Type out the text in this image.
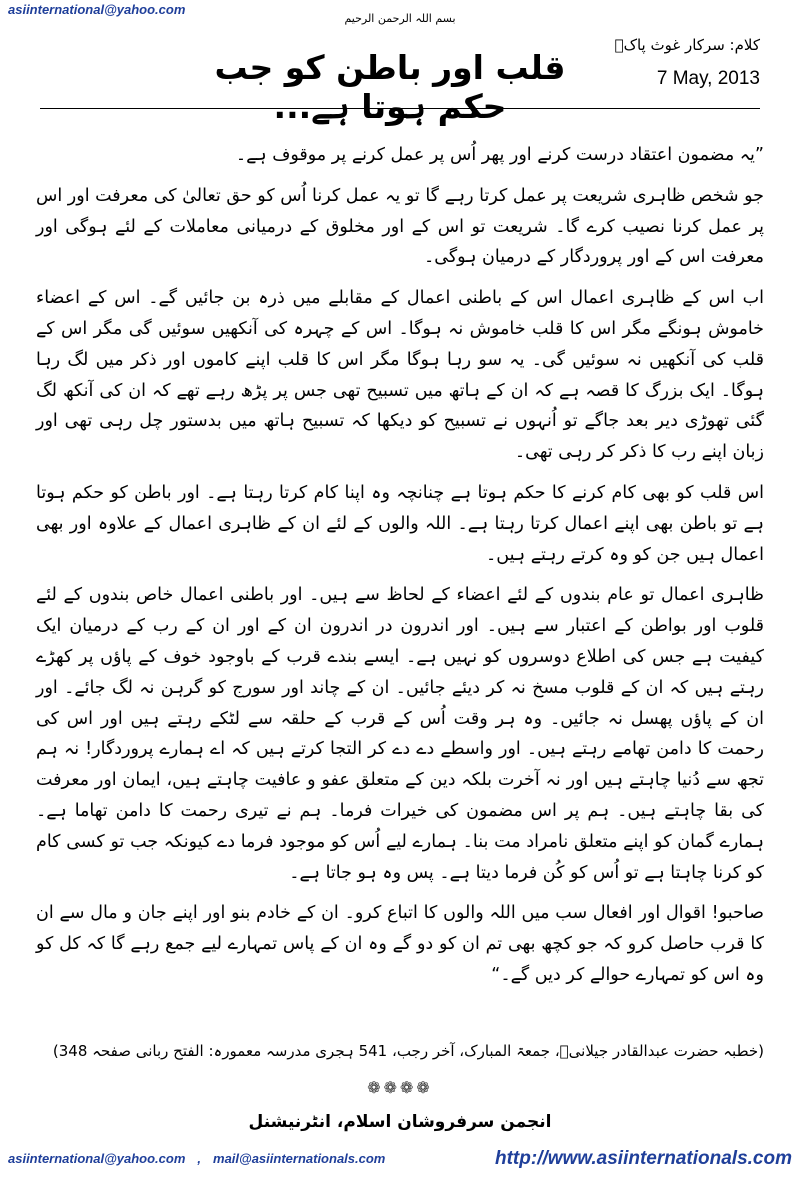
asiinternational@yahoo.com
بسم اللہ الرحمن الرحیم
قلب اور باطن کو جب حکم ہوتا ہے...
کلام: سرکار غوث پاکؒ
7 May, 2013

”یہ مضمون اعتقاد درست کرنے اور پھر اُس پر عمل کرنے پر موقوف ہے۔

جو شخص ظاہری شریعت پر عمل کرتا رہے گا تو یہ عمل کرنا اُس کو حق تعالیٰ کی معرفت اور اس پر عمل کرنا نصیب کرے گا۔ شریعت تو اس کے اور مخلوق کے درمیانی معاملات کے لئے ہوگی اور معرفت اس کے اور پروردگار کے درمیان ہوگی۔

اب اس کے ظاہری اعمال اس کے باطنی اعمال کے مقابلے میں ذرہ بن جائیں گے۔ اس کے اعضاء خاموش ہونگے مگر اس کا قلب خاموش نہ ہوگا۔ اس کے چہرہ کی آنکھیں سوئیں گی مگر اس کے قلب کی آنکھیں نہ سوئیں گی۔ یہ سو رہا ہوگا مگر اس کا قلب اپنے کاموں اور ذکر میں لگ رہا ہوگا۔ ایک بزرگ کا قصہ ہے کہ ان کے ہاتھ میں تسبیح تھی جس پر پڑھ رہے تھے کہ ان کی آنکھ لگ گئی تھوڑی دیر بعد جاگے تو اُنہوں نے تسبیح کو دیکھا کہ تسبیح ہاتھ میں بدستور چل رہی تھی اور زبان اپنے رب کا ذکر کر رہی تھی۔

اس قلب کو بھی کام کرنے کا حکم ہوتا ہے چنانچہ وہ اپنا کام کرتا رہتا ہے۔ اور باطن کو حکم ہوتا ہے تو باطن بھی اپنے اعمال کرتا رہتا ہے۔ اللہ والوں کے لئے ان کے ظاہری اعمال کے علاوہ اور بھی اعمال ہیں جن کو وہ کرتے رہتے ہیں۔

ظاہری اعمال تو عام بندوں کے لئے اعضاء کے لحاظ سے ہیں۔ اور باطنی اعمال خاص بندوں کے لئے قلوب اور بواطن کے اعتبار سے ہیں۔ اور اندرون در اندرون ان کے اور ان کے رب کے درمیان ایک کیفیت ہے جس کی اطلاع دوسروں کو نہیں ہے۔ ایسے بندے قرب کے باوجود خوف کے پاؤں پر کھڑے رہتے ہیں کہ ان کے قلوب مسخ نہ کر دیئے جائیں۔ ان کے چاند اور سورج کو گرہن نہ لگ جائے۔ اور ان کے پاؤں پھسل نہ جائیں۔ وہ ہر وقت اُس کے قرب کے حلقہ سے لٹکے رہتے ہیں اور اس کی رحمت کا دامن تھامے رہتے ہیں۔ اور واسطے دے دے کر التجا کرتے ہیں کہ اے ہمارے پروردگار! نہ ہم تجھ سے دُنیا چاہتے ہیں اور نہ آخرت بلکہ دین کے متعلق عفو و عافیت چاہتے ہیں، ایمان اور معرفت کی بقا چاہتے ہیں۔ ہم پر اس مضمون کی خیرات فرما۔ ہم نے تیری رحمت کا دامن تھاما ہے۔ ہمارے گمان کو اپنے متعلق نامراد مت بنا۔ ہمارے لیے اُس کو موجود فرما دے کیونکہ جب تو کسی کام کو کرنا چاہتا ہے تو اُس کو کُن فرما دیتا ہے۔ پس وہ ہو جاتا ہے۔

صاحبو! اقوال اور افعال سب میں اللہ والوں کا اتباع کرو۔ ان کے خادم بنو اور اپنے جان و مال سے ان کا قرب حاصل کرو کہ جو کچھ بھی تم ان کو دو گے وہ ان کے پاس تمہارے لیے جمع رہے گا کہ کل کو وہ اس کو تمہارے حوالے کر دیں گے۔“

(خطبہ حضرت عبدالقادر جیلانیؒ، جمعۃ المبارک، آخر رجب، 541 ہجری مدرسہ معمورہ: الفتح ربانی صفحہ 348)
❁❁❁❁
انجمن سرفروشان اسلام، انٹرنیشنل
asiinternational@yahoo.com , mail@asiinternationals.com	http://www.asiinternationals.com
